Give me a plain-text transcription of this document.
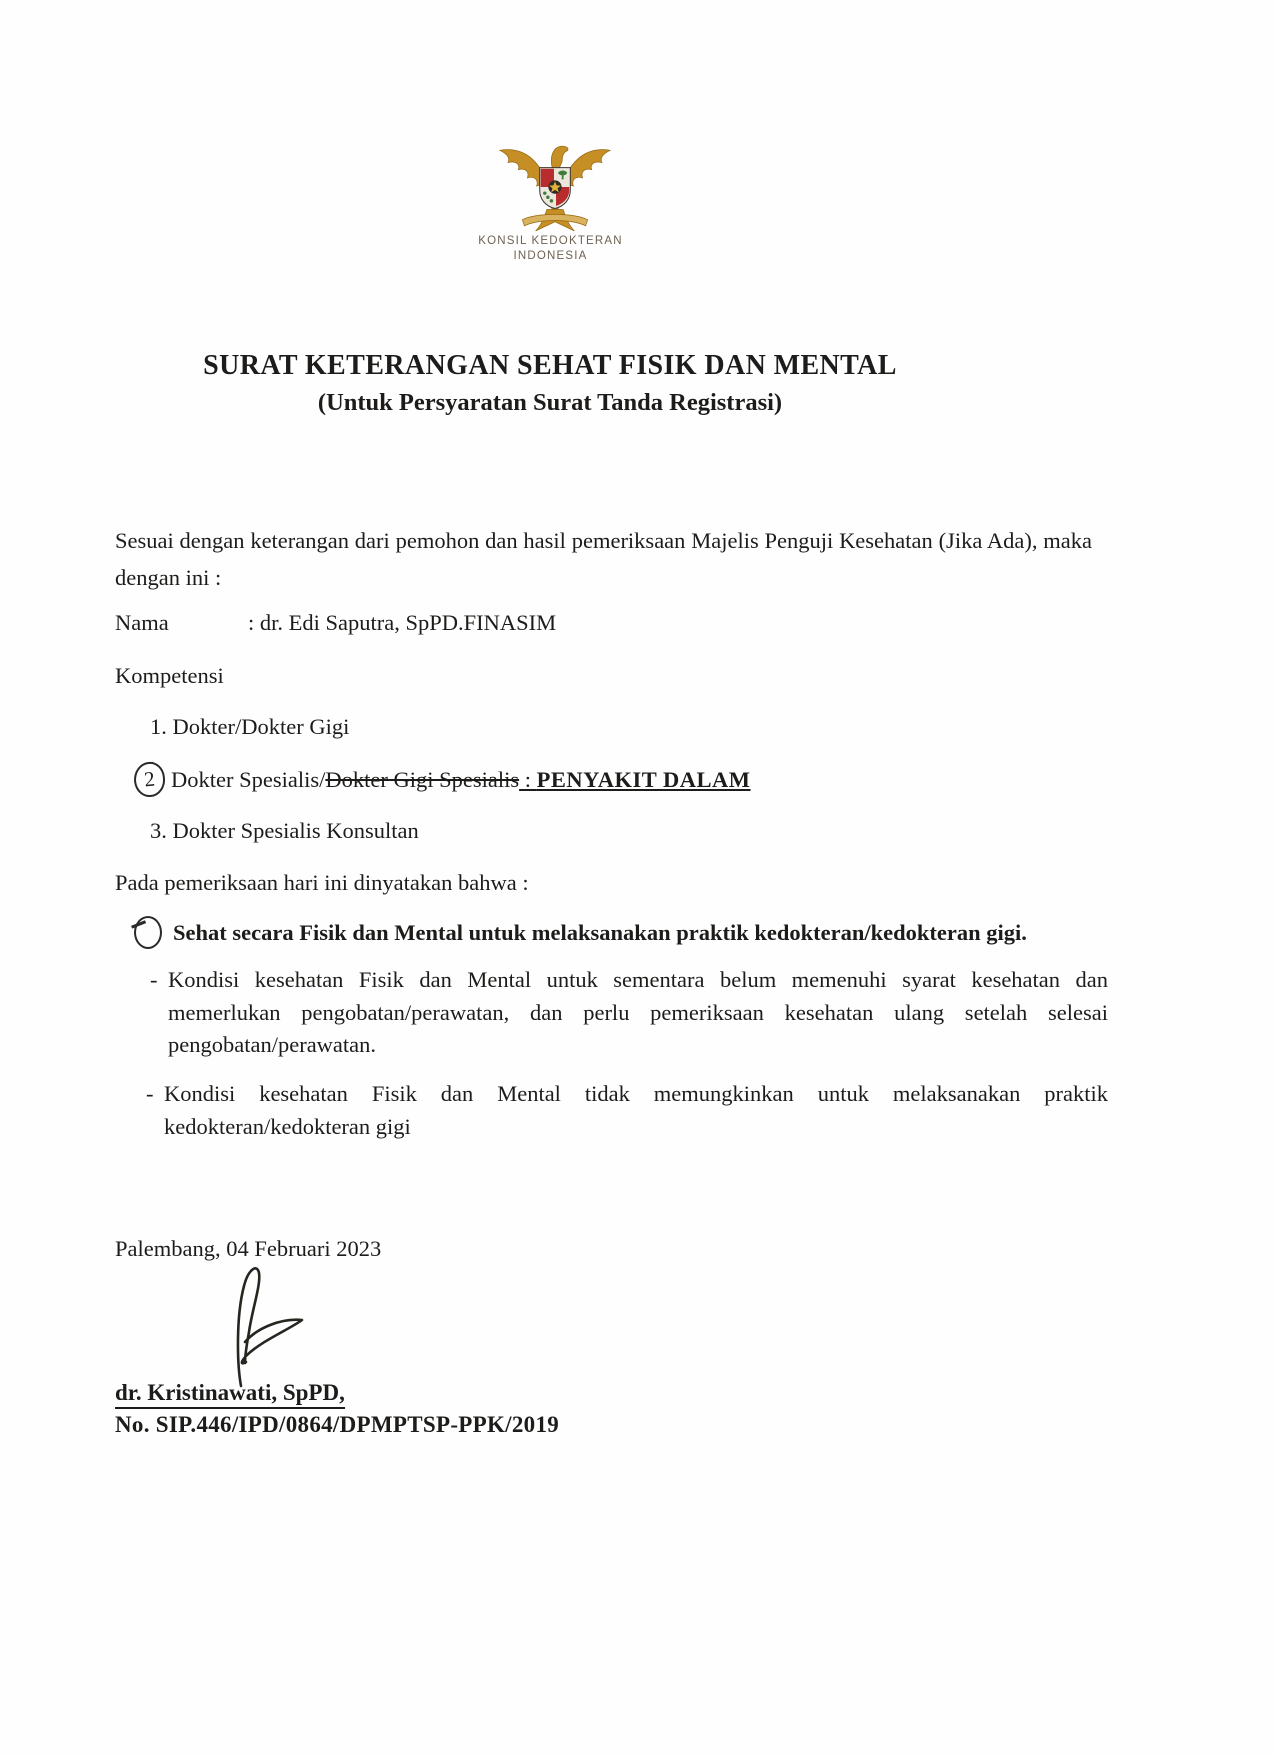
KONSIL KEDOKTERAN
INDONESIA
SURAT KETERANGAN SEHAT FISIK DAN MENTAL
(Untuk Persyaratan Surat Tanda Registrasi)

Sesuai dengan keterangan dari pemohon dan hasil pemeriksaan Majelis Penguji Kesehatan (Jika Ada), maka dengan ini :

Nama	: dr. Edi Saputra, SpPD.FINASIM
Kompetensi
1. Dokter/Dokter Gigi
2 Dokter Spesialis/Dokter Gigi Spesialis : PENYAKIT DALAM
3. Dokter Spesialis Konsultan
Pada pemeriksaan hari ini dinyatakan bahwa :
Sehat secara Fisik dan Mental untuk melaksanakan praktik kedokteran/kedokteran gigi.
- Kondisi kesehatan Fisik dan Mental untuk sementara belum memenuhi syarat kesehatan dan memerlukan pengobatan/perawatan, dan perlu pemeriksaan kesehatan ulang setelah selesai pengobatan/perawatan.

- Kondisi kesehatan Fisik dan Mental tidak memungkinkan untuk melaksanakan praktik kedokteran/kedokteran gigi

Palembang, 04 Februari 2023
dr. Kristinawati, SpPD,
No. SIP.446/IPD/0864/DPMPTSP-PPK/2019
